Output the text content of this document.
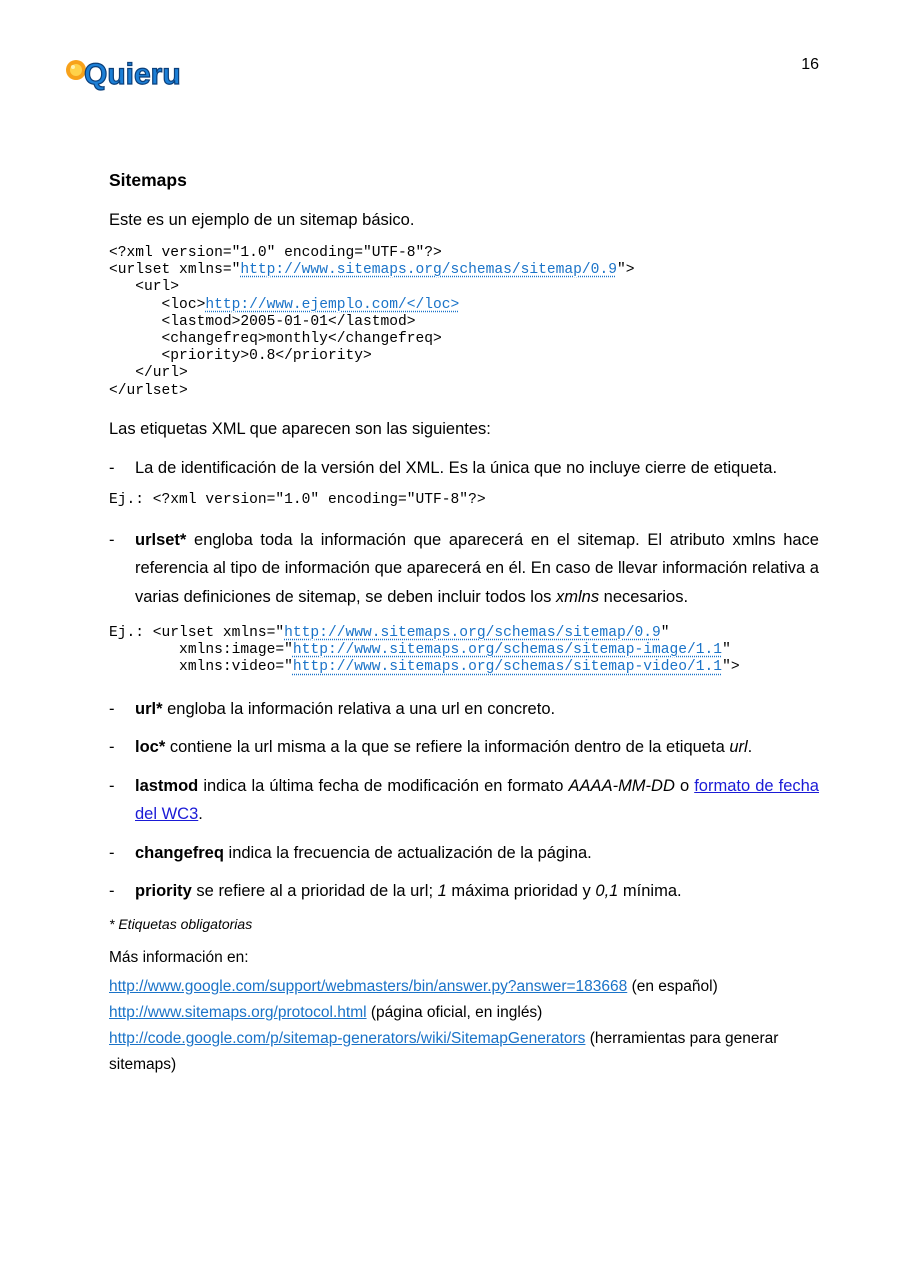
Quieru	16
Sitemaps

Este es un ejemplo de un sitemap básico.

<?xml version="1.0" encoding="UTF-8"?>
<urlset xmlns="http://www.sitemaps.org/schemas/sitemap/0.9">
<url>
<loc>http://www.ejemplo.com/</loc>
<lastmod>2005-01-01</lastmod>
<changefreq>monthly</changefreq>
<priority>0.8</priority>
</url>
</urlset>

Las etiquetas XML que aparecen son las siguientes:

- La de identificación de la versión del XML. Es la única que no incluye cierre de etiqueta.
Ej.: <?xml version="1.0" encoding="UTF-8"?>
- urlset* engloba toda la información que aparecerá en el sitemap. El atributo xmlns hace referencia al tipo de información que aparecerá en él. En caso de llevar información relativa a varias definiciones de sitemap, se deben incluir todos los xmlns necesarios.
Ej.: <urlset xmlns="http://www.sitemaps.org/schemas/sitemap/0.9"
xmlns:image="http://www.sitemaps.org/schemas/sitemap-image/1.1"
xmlns:video="http://www.sitemaps.org/schemas/sitemap-video/1.1">
- url* engloba la información relativa a una url en concreto.
- loc* contiene la url misma a la que se refiere la información dentro de la etiqueta url.
- lastmod indica la última fecha de modificación en formato AAAA-MM-DD o formato de fecha del WC3.
- changefreq indica la frecuencia de actualización de la página.
- priority se refiere al a prioridad de la url; 1 máxima prioridad y 0,1 mínima.

* Etiquetas obligatorias

Más información en:

http://www.google.com/support/webmasters/bin/answer.py?answer=183668 (en español)

http://www.sitemaps.org/protocol.html (página oficial, en inglés)

http://code.google.com/p/sitemap-generators/wiki/SitemapGenerators (herramientas para generar sitemaps)
